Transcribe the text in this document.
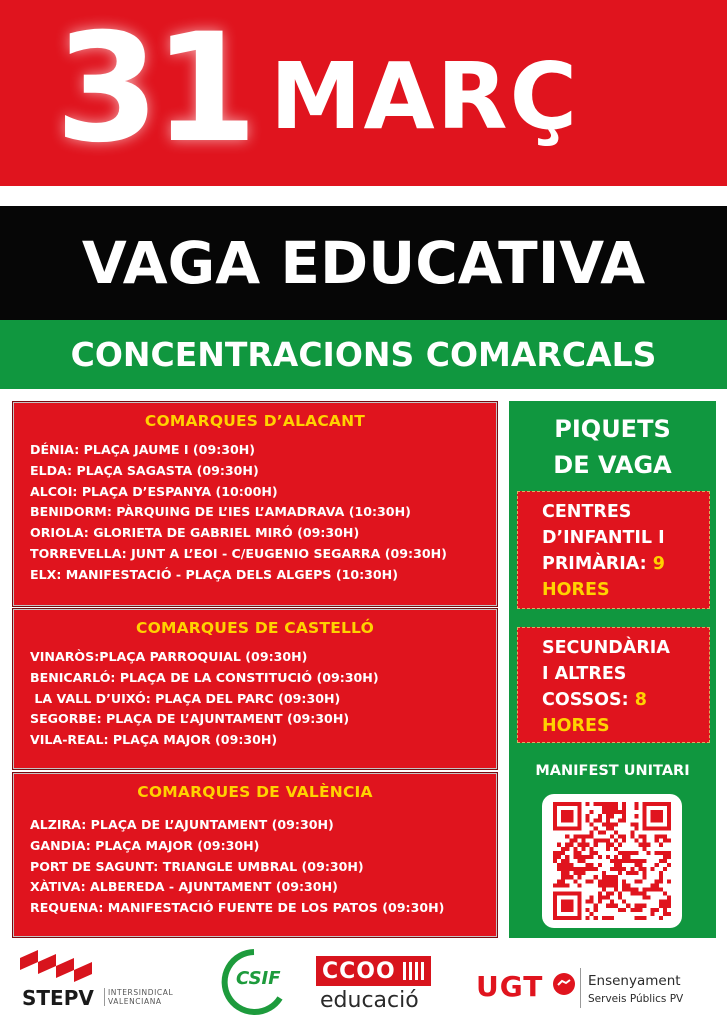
31 MARÇ
VAGA EDUCATIVA
CONCENTRACIONS COMARCALS
COMARQUES D’ALACANT
DÉNIA: PLAÇA JAUME I (09:30H)
ELDA: PLAÇA SAGASTA (09:30H)
ALCOI: PLAÇA D’ESPANYA (10:00H)
BENIDORM: PÀRQUING DE L’IES L’AMADRAVA (10:30H)
ORIOLA: GLORIETA DE GABRIEL MIRÓ (09:30H)
TORREVELLA: JUNT A L’EOI - C/EUGENIO SEGARRA (09:30H)
ELX: MANIFESTACIÓ - PLAÇA DELS ALGEPS (10:30H)
COMARQUES DE CASTELLÓ
VINARÒS:PLAÇA PARROQUIAL (09:30H)
BENICARLÓ: PLAÇA DE LA CONSTITUCIÓ (09:30H)
LA VALL D’UIXÓ: PLAÇA DEL PARC (09:30H)
SEGORBE: PLAÇA DE L’AJUNTAMENT (09:30H)
VILA-REAL: PLAÇA MAJOR (09:30H)
COMARQUES DE VALÈNCIA
ALZIRA: PLAÇA DE L’AJUNTAMENT (09:30H)
GANDIA: PLAÇA MAJOR (09:30H)
PORT DE SAGUNT: TRIANGLE UMBRAL (09:30H)
XÀTIVA: ALBEREDA - AJUNTAMENT (09:30H)
REQUENA: MANIFESTACIÓ FUENTE DE LOS PATOS (09:30H)
PIQUETS
DE VAGA
CENTRES
D’INFANTIL I
PRIMÀRIA: 9
HORES
SECUNDÀRIA
I ALTRES
COSSOS: 8
HORES
MANIFEST UNITARI
STEPV INTERSINDICAL
VALENCIANA
CSIF CCOO
educació UGT	Ensenyament
Serveis Públics PV
